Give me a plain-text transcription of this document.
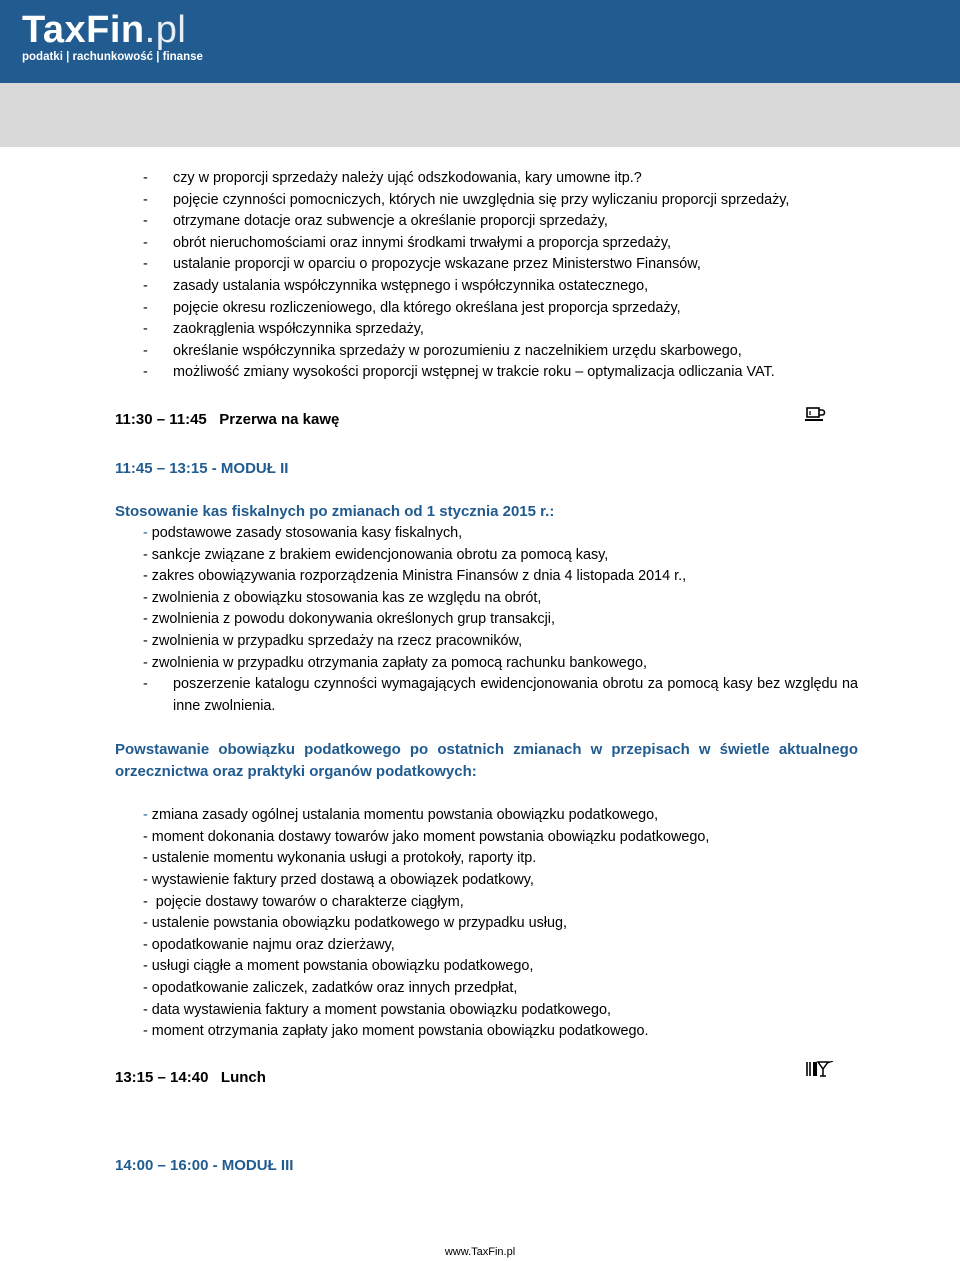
TaxFin.pl
podatki | rachunkowość | finanse
- czy w proporcji sprzedaży należy ująć odszkodowania, kary umowne itp.?
- pojęcie czynności pomocniczych, których nie uwzględnia się przy wyliczaniu proporcji sprzedaży,
- otrzymane dotacje oraz subwencje a określanie proporcji sprzedaży,
- obrót nieruchomościami oraz innymi środkami trwałymi a proporcja sprzedaży,
- ustalanie proporcji w oparciu o propozycje wskazane przez Ministerstwo Finansów,
- zasady ustalania współczynnika wstępnego i współczynnika ostatecznego,
- pojęcie okresu rozliczeniowego, dla którego określana jest proporcja sprzedaży,
- zaokrąglenia współczynnika sprzedaży,
- określanie współczynnika sprzedaży w porozumieniu z naczelnikiem urzędu skarbowego,
- możliwość zmiany wysokości proporcji wstępnej w trakcie roku – optymalizacja odliczania VAT.
11:30 – 11:45 Przerwa na kawę
11:45 – 13:15 - MODUŁ II
Stosowanie kas fiskalnych po zmianach od 1 stycznia 2015 r.:
- podstawowe zasady stosowania kasy fiskalnych,
- sankcje związane z brakiem ewidencjonowania obrotu za pomocą kasy,
- zakres obowiązywania rozporządzenia Ministra Finansów z dnia 4 listopada 2014 r.,
- zwolnienia z obowiązku stosowania kas ze względu na obrót,
- zwolnienia z powodu dokonywania określonych grup transakcji,
- zwolnienia w przypadku sprzedaży na rzecz pracowników,
- zwolnienia w przypadku otrzymania zapłaty za pomocą rachunku bankowego,
- poszerzenie katalogu czynności wymagających ewidencjonowania obrotu za pomocą kasy bez względu na inne zwolnienia.
Powstawanie obowiązku podatkowego po ostatnich zmianach w przepisach w świetle aktualnego orzecznictwa oraz praktyki organów podatkowych:
- zmiana zasady ogólnej ustalania momentu powstania obowiązku podatkowego,
- moment dokonania dostawy towarów jako moment powstania obowiązku podatkowego,
- ustalenie momentu wykonania usługi a protokoły, raporty itp.
- wystawienie faktury przed dostawą a obowiązek podatkowy,
- pojęcie dostawy towarów o charakterze ciągłym,
- ustalenie powstania obowiązku podatkowego w przypadku usług,
- opodatkowanie najmu oraz dzierżawy,
- usługi ciągłe a moment powstania obowiązku podatkowego,
- opodatkowanie zaliczek, zadatków oraz innych przedpłat,
- data wystawienia faktury a moment powstania obowiązku podatkowego,
- moment otrzymania zapłaty jako moment powstania obowiązku podatkowego.
13:15 – 14:40 Lunch
14:00 – 16:00 - MODUŁ III
www.TaxFin.pl
